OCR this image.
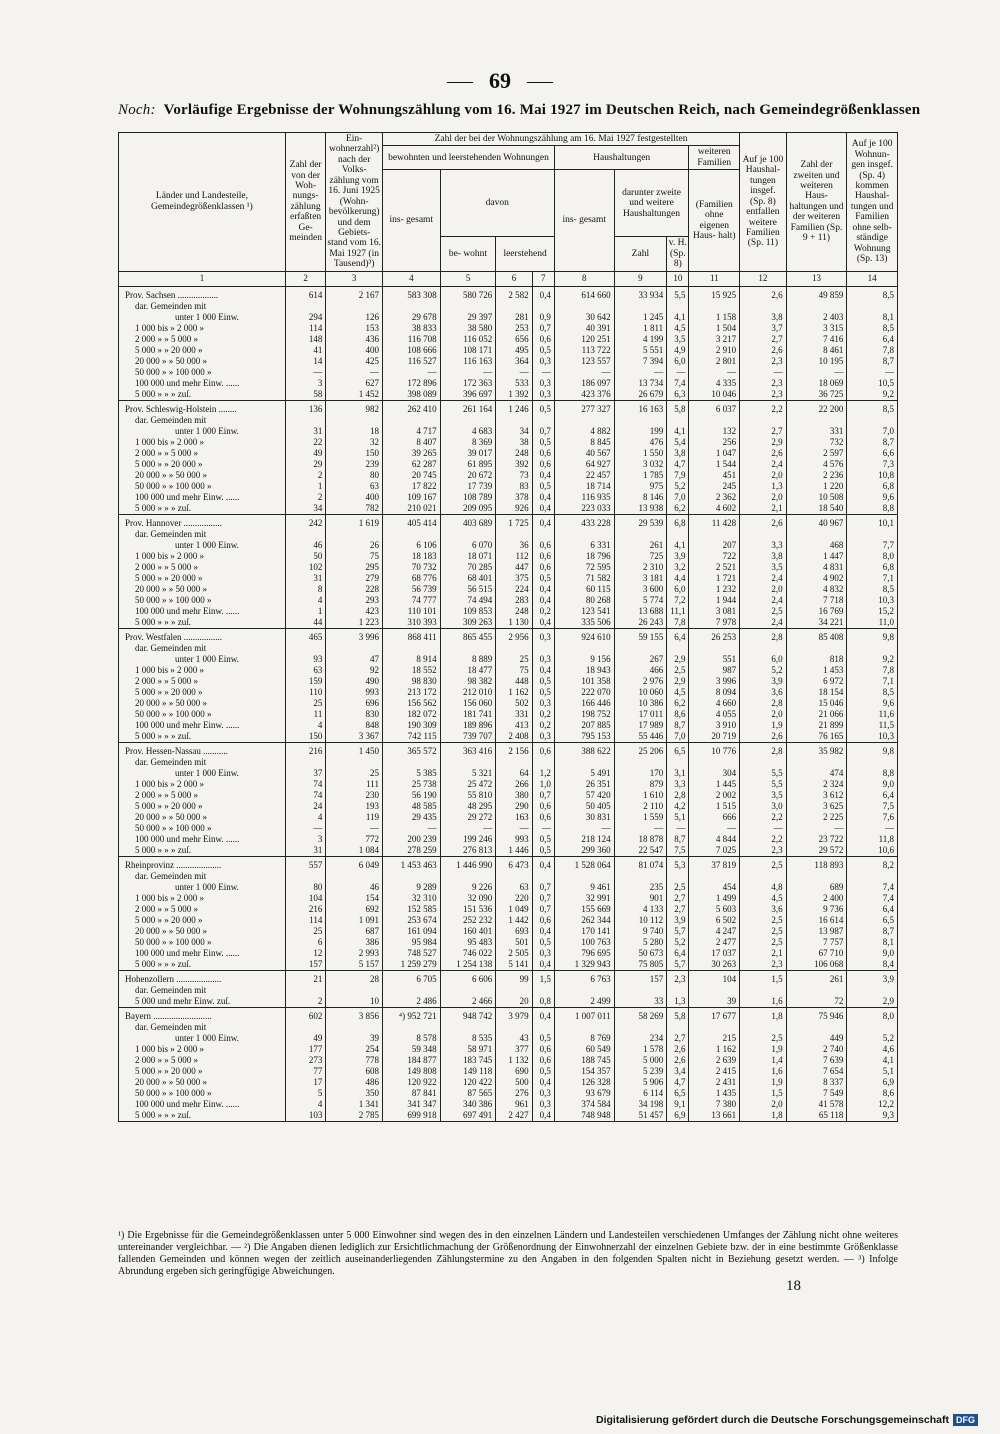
69
Noch: Vorläufige Ergebnisse der Wohnungszählung vom 16. Mai 1927 im Deutschen Reich, nach Gemeindegrößenklassen
Länder und Landesteile, Gemeindegrößenklassen ¹)	Zahl der von der Woh- nungs- zählung erfaßten Ge- meinden	Ein- wohnerzahl²) nach der Volks- zählung vom 16. Juni 1925 (Wohn- bevölkerung) und dem Gebiets- stand vom 16. Mai 1927 (in Tausend)³)	Zahl der bei der Wohnungszählung am 16. Mai 1927 festgestellten								Auf je 100 Haushal- tungen insgef. (Sp. 8) entfallen weitere Familien (Sp. 11)	Zahl der zweiten und weiteren Haus- haltungen und der weiteren Familien (Sp. 9 + 11)	Auf je 100 Wohnun- gen insgef. (Sp. 4) kommen Haushal- tungen und Familien ohne selb- ständige Wohnung (Sp. 13)
			bewohnten und leerstehenden Wohnungen				Haushaltungen			weiteren Familien			
			ins- gesamt	davon			ins- gesamt	darunter zweite und weitere Haushaltungen		(Familien ohne eigenen Haus- halt)			
				be- wohnt	leerstehend			Zahl	v. H. (Sp. 8)				
1	2	3	4	5	6	7	8	9	10	11	12	13	14
Prov. Sachsen ..................	614	2 167	583 308	580 726	2 582	0,4	614 660	33 934	5,5	15 925	2,6	49 859	8,5
dar. Gemeinden mit													
unter 1 000 Einw.	294	126	29 678	29 397	281	0,9	30 642	1 245	4,1	1 158	3,8	2 403	8,1
1 000 bis » 2 000 »	114	153	38 833	38 580	253	0,7	40 391	1 811	4,5	1 504	3,7	3 315	8,5
2 000 » » 5 000 »	148	436	116 708	116 052	656	0,6	120 251	4 199	3,5	3 217	2,7	7 416	6,4
5 000 » » 20 000 »	41	400	108 666	108 171	495	0,5	113 722	5 551	4,9	2 910	2,6	8 461	7,8
20 000 » » 50 000 »	14	425	116 527	116 163	364	0,3	123 557	7 394	6,0	2 801	2,3	10 195	8,7
50 000 » » 100 000 »	—	—	—	—	—	—	—	—	—	—	—	—	—
100 000 und mehr Einw. ......	3	627	172 896	172 363	533	0,3	186 097	13 734	7,4	4 335	2,3	18 069	10,5
5 000 » » » zuſ.	58	1 452	398 089	396 697	1 392	0,3	423 376	26 679	6,3	10 046	2,3	36 725	9,2
Prov. Schleswig-Holstein ........	136	982	262 410	261 164	1 246	0,5	277 327	16 163	5,8	6 037	2,2	22 200	8,5
dar. Gemeinden mit													
unter 1 000 Einw.	31	18	4 717	4 683	34	0,7	4 882	199	4,1	132	2,7	331	7,0
1 000 bis » 2 000 »	22	32	8 407	8 369	38	0,5	8 845	476	5,4	256	2,9	732	8,7
2 000 » » 5 000 »	49	150	39 265	39 017	248	0,6	40 567	1 550	3,8	1 047	2,6	2 597	6,6
5 000 » » 20 000 »	29	239	62 287	61 895	392	0,6	64 927	3 032	4,7	1 544	2,4	4 576	7,3
20 000 » » 50 000 »	2	80	20 745	20 672	73	0,4	22 457	1 785	7,9	451	2,0	2 236	10,8
50 000 » » 100 000 »	1	63	17 822	17 739	83	0,5	18 714	975	5,2	245	1,3	1 220	6,8
100 000 und mehr Einw. ......	2	400	109 167	108 789	378	0,4	116 935	8 146	7,0	2 362	2,0	10 508	9,6
5 000 » » » zuſ.	34	782	210 021	209 095	926	0,4	223 033	13 938	6,2	4 602	2,1	18 540	8,8
Prov. Hannover .................	242	1 619	405 414	403 689	1 725	0,4	433 228	29 539	6,8	11 428	2,6	40 967	10,1
dar. Gemeinden mit													
unter 1 000 Einw.	46	26	6 106	6 070	36	0,6	6 331	261	4,1	207	3,3	468	7,7
1 000 bis » 2 000 »	50	75	18 183	18 071	112	0,6	18 796	725	3,9	722	3,8	1 447	8,0
2 000 » » 5 000 »	102	295	70 732	70 285	447	0,6	72 595	2 310	3,2	2 521	3,5	4 831	6,8
5 000 » » 20 000 »	31	279	68 776	68 401	375	0,5	71 582	3 181	4,4	1 721	2,4	4 902	7,1
20 000 » » 50 000 »	8	228	56 739	56 515	224	0,4	60 115	3 600	6,0	1 232	2,0	4 832	8,5
50 000 » » 100 000 »	4	293	74 777	74 494	283	0,4	80 268	5 774	7,2	1 944	2,4	7 718	10,3
100 000 und mehr Einw. ......	1	423	110 101	109 853	248	0,2	123 541	13 688	11,1	3 081	2,5	16 769	15,2
5 000 » » » zuſ.	44	1 223	310 393	309 263	1 130	0,4	335 506	26 243	7,8	7 978	2,4	34 221	11,0
Prov. Westfalen .................	465	3 996	868 411	865 455	2 956	0,3	924 610	59 155	6,4	26 253	2,8	85 408	9,8
dar. Gemeinden mit													
unter 1 000 Einw.	93	47	8 914	8 889	25	0,3	9 156	267	2,9	551	6,0	818	9,2
1 000 bis » 2 000 »	63	92	18 552	18 477	75	0,4	18 943	466	2,5	987	5,2	1 453	7,8
2 000 » » 5 000 »	159	490	98 830	98 382	448	0,5	101 358	2 976	2,9	3 996	3,9	6 972	7,1
5 000 » » 20 000 »	110	993	213 172	212 010	1 162	0,5	222 070	10 060	4,5	8 094	3,6	18 154	8,5
20 000 » » 50 000 »	25	696	156 562	156 060	502	0,3	166 446	10 386	6,2	4 660	2,8	15 046	9,6
50 000 » » 100 000 »	11	830	182 072	181 741	331	0,2	198 752	17 011	8,6	4 055	2,0	21 066	11,6
100 000 und mehr Einw. ......	4	848	190 309	189 896	413	0,2	207 885	17 989	8,7	3 910	1,9	21 899	11,5
5 000 » » » zuſ.	150	3 367	742 115	739 707	2 408	0,3	795 153	55 446	7,0	20 719	2,6	76 165	10,3
Prov. Hessen-Nassau ...........	216	1 450	365 572	363 416	2 156	0,6	388 622	25 206	6,5	10 776	2,8	35 982	9,8
dar. Gemeinden mit													
unter 1 000 Einw.	37	25	5 385	5 321	64	1,2	5 491	170	3,1	304	5,5	474	8,8
1 000 bis » 2 000 »	74	111	25 738	25 472	266	1,0	26 351	879	3,3	1 445	5,5	2 324	9,0
2 000 » » 5 000 »	74	230	56 190	55 810	380	0,7	57 420	1 610	2,8	2 002	3,5	3 612	6,4
5 000 » » 20 000 »	24	193	48 585	48 295	290	0,6	50 405	2 110	4,2	1 515	3,0	3 625	7,5
20 000 » » 50 000 »	4	119	29 435	29 272	163	0,6	30 831	1 559	5,1	666	2,2	2 225	7,6
50 000 » » 100 000 »	—	—	—	—	—	—	—	—	—	—	—	—	—
100 000 und mehr Einw. ......	3	772	200 239	199 246	993	0,5	218 124	18 878	8,7	4 844	2,2	23 722	11,8
5 000 » » » zuſ.	31	1 084	278 259	276 813	1 446	0,5	299 360	22 547	7,5	7 025	2,3	29 572	10,6
Rheinprovinz ....................	557	6 049	1 453 463	1 446 990	6 473	0,4	1 528 064	81 074	5,3	37 819	2,5	118 893	8,2
dar. Gemeinden mit													
unter 1 000 Einw.	80	46	9 289	9 226	63	0,7	9 461	235	2,5	454	4,8	689	7,4
1 000 bis » 2 000 »	104	154	32 310	32 090	220	0,7	32 991	901	2,7	1 499	4,5	2 400	7,4
2 000 » » 5 000 »	216	692	152 585	151 536	1 049	0,7	155 669	4 133	2,7	5 603	3,6	9 736	6,4
5 000 » » 20 000 »	114	1 091	253 674	252 232	1 442	0,6	262 344	10 112	3,9	6 502	2,5	16 614	6,5
20 000 » » 50 000 »	25	687	161 094	160 401	693	0,4	170 141	9 740	5,7	4 247	2,5	13 987	8,7
50 000 » » 100 000 »	6	386	95 984	95 483	501	0,5	100 763	5 280	5,2	2 477	2,5	7 757	8,1
100 000 und mehr Einw. ......	12	2 993	748 527	746 022	2 505	0,3	796 695	50 673	6,4	17 037	2,1	67 710	9,0
5 000 » » » zuſ.	157	5 157	1 259 279	1 254 138	5 141	0,4	1 329 943	75 805	5,7	30 263	2,3	106 068	8,4
Hohenzollern ....................	21	28	6 705	6 606	99	1,5	6 763	157	2,3	104	1,5	261	3,9
dar. Gemeinden mit													
5 000 und mehr Einw. zuſ.	2	10	2 486	2 466	20	0,8	2 499	33	1,3	39	1,6	72	2,9
Bayern ..........................	602	3 856	⁴) 952 721	948 742	3 979	0,4	1 007 011	58 269	5,8	17 677	1,8	75 946	8,0
dar. Gemeinden mit													
unter 1 000 Einw.	49	39	8 578	8 535	43	0,5	8 769	234	2,7	215	2,5	449	5,2
1 000 bis » 2 000 »	177	254	59 348	58 971	377	0,6	60 549	1 578	2,6	1 162	1,9	2 740	4,6
2 000 » » 5 000 »	273	778	184 877	183 745	1 132	0,6	188 745	5 000	2,6	2 639	1,4	7 639	4,1
5 000 » » 20 000 »	77	608	149 808	149 118	690	0,5	154 357	5 239	3,4	2 415	1,6	7 654	5,1
20 000 » » 50 000 »	17	486	120 922	120 422	500	0,4	126 328	5 906	4,7	2 431	1,9	8 337	6,9
50 000 » » 100 000 »	5	350	87 841	87 565	276	0,3	93 679	6 114	6,5	1 435	1,5	7 549	8,6
100 000 und mehr Einw. ......	4	1 341	341 347	340 386	961	0,3	374 584	34 198	9,1	7 380	2,0	41 578	12,2
5 000 » » » zuſ.	103	2 785	699 918	697 491	2 427	0,4	748 948	51 457	6,9	13 661	1,8	65 118	9,3
¹) Die Ergebnisse für die Gemeindegrößenklassen unter 5 000 Einwohner sind wegen des in den einzelnen Ländern und Landesteilen verschiedenen Umfanges der Zählung nicht ohne weiteres untereinander vergleichbar. — ²) Die Angaben dienen lediglich zur Ersichtlichmachung der Größenordnung der Einwohnerzahl der einzelnen Gebiete bzw. der in eine bestimmte Größenklasse fallenden Gemeinden und können wegen der zeitlich auseinanderliegenden Zählungstermine zu den Angaben in den folgenden Spalten nicht in Beziehung gesetzt werden. — ³) Infolge Abrundung ergeben sich geringfügige Abweichungen.
18
Digitalisierung gefördert durch die Deutsche Forschungsgemeinschaft DFG
